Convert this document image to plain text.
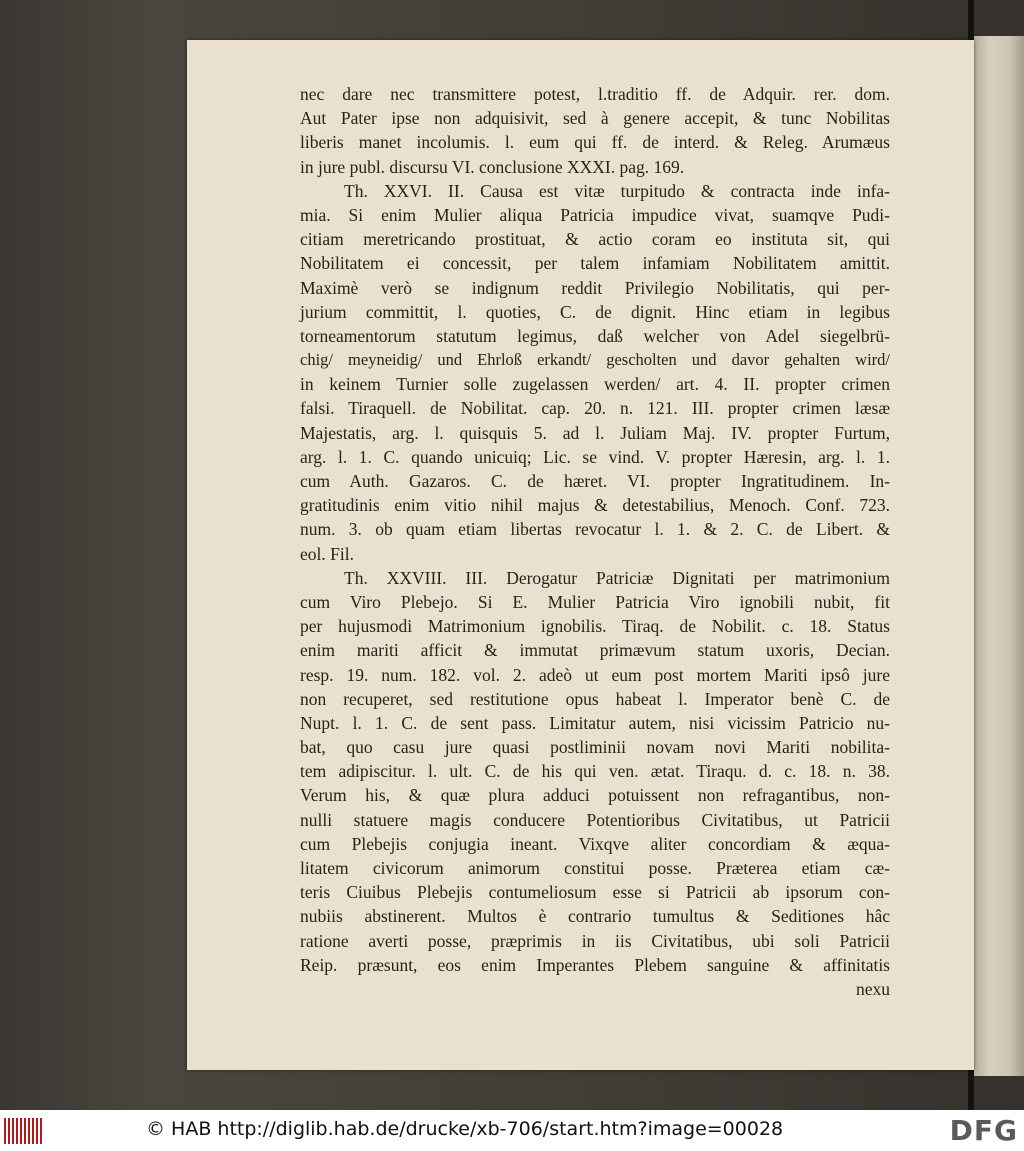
nec dare nec transmittere potest, l.traditio ff. de Adquir. rer. dom.
Aut Pater ipse non adquisivit, sed à genere accepit, & tunc Nobilitas
liberis manet incolumis. l. eum qui ff. de interd. & Releg. Arumæus
in jure publ. discursu VI. conclusione XXXI. pag. 169.
Th. XXVI. II. Causa est vitæ turpitudo & contracta inde infa-
mia. Si enim Mulier aliqua Patricia impudice vivat, suamqve Pudi-
citiam meretricando prostituat, & actio coram eo instituta sit, qui
Nobilitatem ei concessit, per talem infamiam Nobilitatem amittit.
Maximè verò se indignum reddit Privilegio Nobilitatis, qui per-
jurium committit, l. quoties, C. de dignit. Hinc etiam in legibus
torneamentorum statutum legimus, daß welcher von Adel siegelbrü-
chig/ meyneidig/ und Ehrloß erkandt/ gescholten und davor gehalten wird/
in keinem Turnier solle zugelassen werden/ art. 4. II. propter crimen
falsi. Tiraquell. de Nobilitat. cap. 20. n. 121. III. propter crimen læsæ
Majestatis, arg. l. quisquis 5. ad l. Juliam Maj. IV. propter Furtum,
arg. l. 1. C. quando unicuiq; Lic. se vind. V. propter Hæresin, arg. l. 1.
cum Auth. Gazaros. C. de hæret. VI. propter Ingratitudinem. In-
gratitudinis enim vitio nihil majus & detestabilius, Menoch. Conf. 723.
num. 3. ob quam etiam libertas revocatur l. 1. & 2. C. de Libert. &
eol. Fil.
Th. XXVIII. III. Derogatur Patriciæ Dignitati per matrimonium
cum Viro Plebejo. Si E. Mulier Patricia Viro ignobili nubit, fit
per hujusmodi Matrimonium ignobilis. Tiraq. de Nobilit. c. 18. Status
enim mariti afficit & immutat primævum statum uxoris, Decian.
resp. 19. num. 182. vol. 2. adeò ut eum post mortem Mariti ipsô jure
non recuperet, sed restitutione opus habeat l. Imperator benè C. de
Nupt. l. 1. C. de sent pass. Limitatur autem, nisi vicissim Patricio nu-
bat, quo casu jure quasi postliminii novam novi Mariti nobilita-
tem adipiscitur. l. ult. C. de his qui ven. ætat. Tiraqu. d. c. 18. n. 38.
Verum his, & quæ plura adduci potuissent non refragantibus, non-
nulli statuere magis conducere Potentioribus Civitatibus, ut Patricii
cum Plebejis conjugia ineant. Vixqve aliter concordiam & æqua-
litatem civicorum animorum constitui posse. Præterea etiam cæ-
teris Ciuibus Plebejis contumeliosum esse si Patricii ab ipsorum con-
nubiis abstinerent. Multos è contrario tumultus & Seditiones hâc
ratione averti posse, præprimis in iis Civitatibus, ubi soli Patricii
Reip. præsunt, eos enim Imperantes Plebem sanguine & affinitatis
nexu
© HAB http://diglib.hab.de/drucke/xb-706/start.htm?image=00028	DFG
